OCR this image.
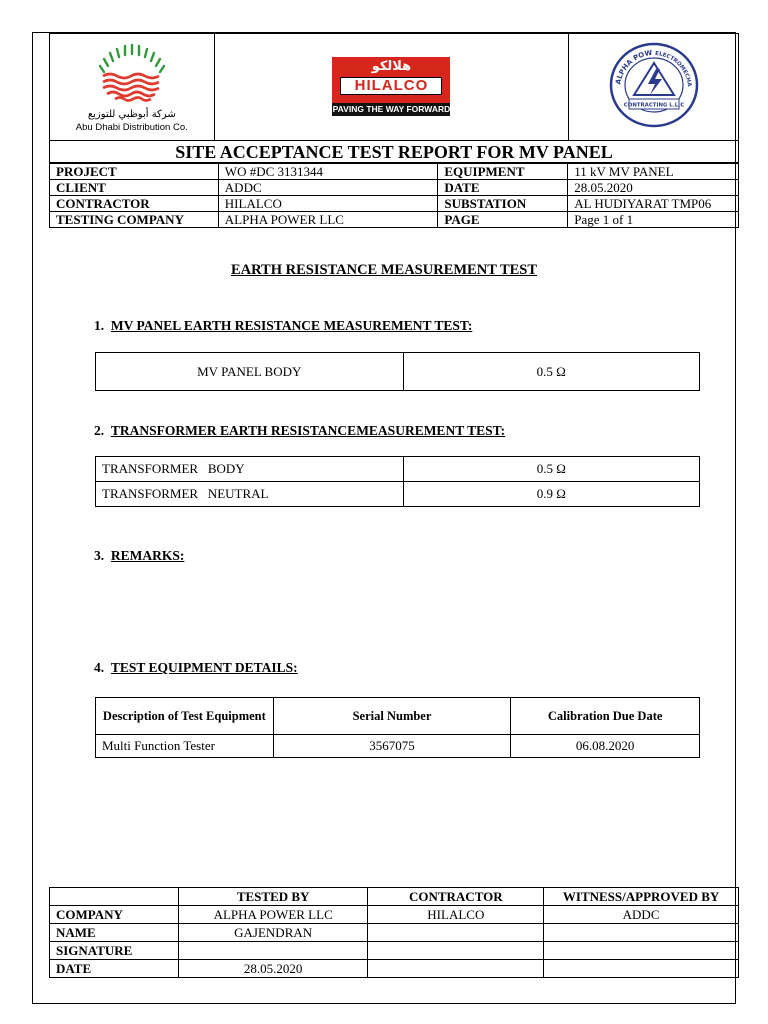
شركة أبوظبي للتوزيع
Abu Dhabi Distribution Co.

هلالكو
HILALCO
PAVING THE WAY FORWARD

ALPHA POW ELECTROMECHA
CONTRACTING L.L.C
SITE ACCEPTANCE TEST REPORT FOR MV PANEL
PROJECT	WO #DC 3131344	EQUIPMENT	11 kV MV PANEL
CLIENT	ADDC	DATE	28.05.2020
CONTRACTOR	HILALCO	SUBSTATION	AL HUDIYARAT TMP06
TESTING COMPANY	ALPHA POWER LLC	PAGE	Page 1 of 1
EARTH RESISTANCE MEASUREMENT TEST
1. MV PANEL EARTH RESISTANCE MEASUREMENT TEST:
MV PANEL BODY	0.5 Ω
2. TRANSFORMER EARTH RESISTANCEMEASUREMENT TEST:
TRANSFORMER   BODY	0.5 Ω
TRANSFORMER   NEUTRAL	0.9 Ω
3. REMARKS:
4. TEST EQUIPMENT DETAILS:
Description of Test Equipment	Serial Number	Calibration Due Date
Multi Function Tester	3567075	06.08.2020
	TESTED BY	CONTRACTOR	WITNESS/APPROVED BY
COMPANY	ALPHA POWER LLC	HILALCO	ADDC
NAME	GAJENDRAN		
SIGNATURE			
DATE	28.05.2020		
